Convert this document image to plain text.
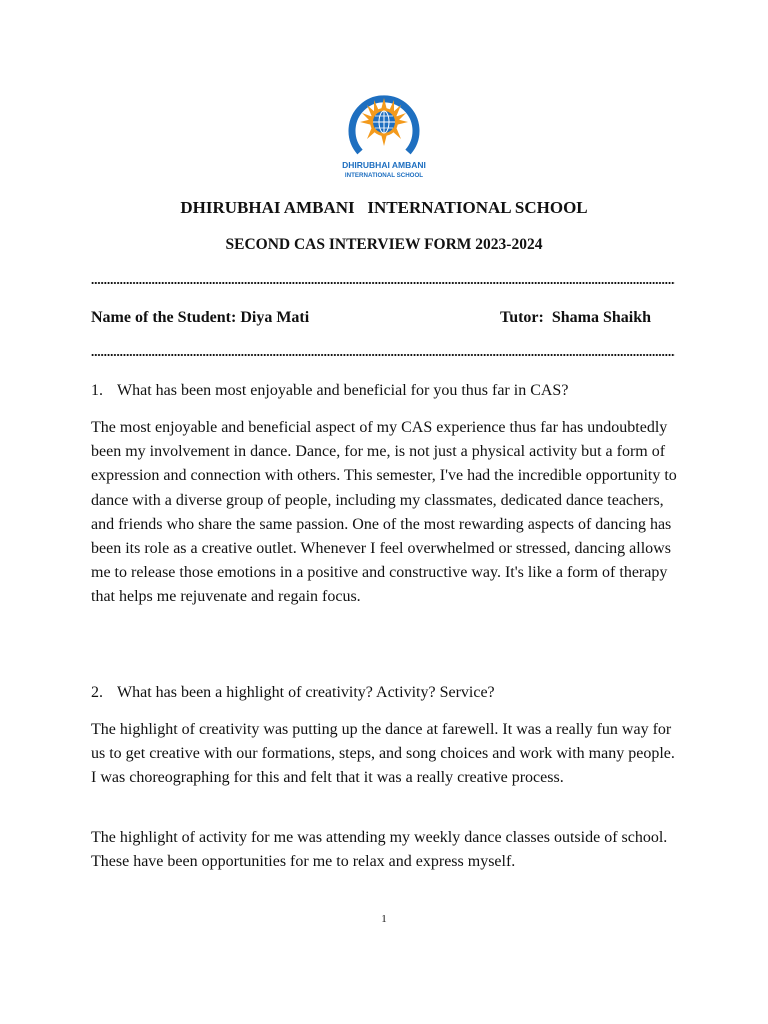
DHIRUBHAI AMBANI
INTERNATIONAL SCHOOL
DHIRUBHAI AMBANI   INTERNATIONAL SCHOOL
SECOND CAS INTERVIEW FORM 2023-2024
Name of the Student: Diya Mati	Tutor:  Shama Shaikh
1. What has been most enjoyable and beneficial for you thus far in CAS?
The most enjoyable and beneficial aspect of my CAS experience thus far has undoubtedly been my involvement in dance. Dance, for me, is not just a physical activity but a form of expression and connection with others. This semester, I've had the incredible opportunity to dance with a diverse group of people, including my classmates, dedicated dance teachers, and friends who share the same passion. One of the most rewarding aspects of dancing has been its role as a creative outlet. Whenever I feel overwhelmed or stressed, dancing allows me to release those emotions in a positive and constructive way. It's like a form of therapy that helps me rejuvenate and regain focus.
2. What has been a highlight of creativity? Activity? Service?
The highlight of creativity was putting up the dance at farewell. It was a really fun way for us to get creative with our formations, steps, and song choices and work with many people. I was choreographing for this and felt that it was a really creative process.
The highlight of activity for me was attending my weekly dance classes outside of school. These have been opportunities for me to relax and express myself.
1
